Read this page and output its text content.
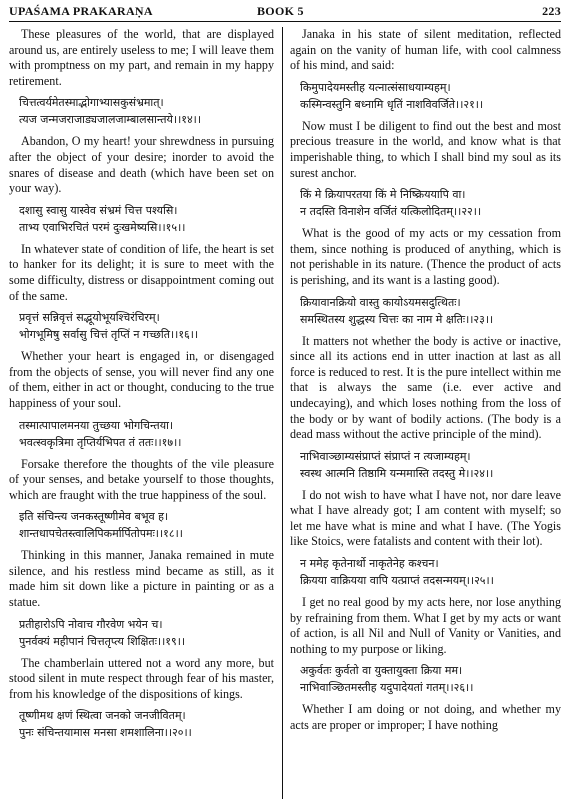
UPAŚAMA PRAKARAṆA	BOOK 5	223

These pleasures of the world, that are displayed around us, are entirely useless to me; I will leave them with promptness on my part, and remain in my happy retirement.

चित्तत्वर्यमेतस्माद्भोगाभ्यासकुसंभ्रमात्।
त्यज जन्मजराजाड्यजालजाम्बालसान्तये।।१४।।

Abandon, O my heart! your shrewdness in pursuing after the object of your desire; inorder to avoid the snares of disease and death (which have been set on your way).

दशासु स्वासु यास्वेव संभ्रमं चित्त पश्यसि।
ताभ्य एवाभिरचितं परमं दुःखमेष्यसि।।१५।।

In whatever state of condition of life, the heart is set to hanker for its delight; it is sure to meet with the some difficulty, distress or disappointment coming out of the same.

प्रवृत्तं सन्निवृत्तं सद्भूयोभूयश्चिरंचिरम्।
भोगभूमिषु सर्वासु चित्तं तृप्तिं न गच्छति।।१६।।

Whether your heart is engaged in, or disengaged from the objects of sense, you will never find any one of them, either in act or thought, conducing to the true happiness of your soul.

तस्मात्पापालमनया तुच्छया भोगचिन्तया।
भवत्स्वकृत्रिमा तृप्तिर्यभिपत तं ततः।।१७।।

Forsake therefore the thoughts of the vile pleasure of your senses, and betake yourself to those thoughts, which are fraught with the true happiness of the soul.

इति संचिन्त्य जनकस्तूष्णीमेव बभूव ह।
शान्तधापचेतस्त्वालिपिकर्मार्पितोपमः।।१८।।

Thinking in this manner, Janaka remained in mute silence, and his restless mind became as still, as it made him sit down like a picture in painting or as a statue.

प्रतीहारोऽपि नोवाच गौरवेण भयेन च।
पुनर्वक्यं महीपानं चित्ततृप्त्य शिक्षितः।।१९।।

The chamberlain uttered not a word any more, but stood silent in mute respect through fear of his master, from his knowledge of the dispositions of kings.

तूष्णीमथ क्षणं स्थित्वा जनको जनजीवितम्।
पुनः संचिन्तयामास मनसा शमशालिना।।२०।।

Janaka in his state of silent meditation, reflected again on the vanity of human life, with cool calmness of his mind, and said:

किमुपादेयमस्तीह यत्नात्संसाधयाम्यहम्।
कस्मिन्वस्तुनि बध्नामि धृतिं नाशविवर्जिते।।२१।।

Now must I be diligent to find out the best and most precious treasure in the world, and know what is that imperishable thing, to which I shall bind my soul as its surest anchor.

किं मे क्रियापरतया किं मे निष्क्रिययापि वा।
न तदस्ति विनाशेन वर्जितं यत्किलोदितम्।।२२।।

What is the good of my acts or my cessation from them, since nothing is produced of anything, which is not perishable in its nature. (Thence the product of acts is perishing, and its want is a lasting good).

क्रियावानक्रियो वास्तु कायोऽयमसदुत्थितः।
समस्थितस्य शुद्धस्य चित्तः का नाम मे क्षतिः।।२३।।

It matters not whether the body is active or inactive, since all its actions end in utter inaction at last as all force is reduced to rest. It is the pure intellect within me that is always the same (i.e. ever active and undecaying), and which loses nothing from the loss of the body or by want of bodily actions. (The body is a dead mass without the active principle of the mind).

नाभिवाञ्छाम्यसंप्राप्तं संप्राप्तं न त्यजाम्यहम्।
स्वस्थ आत्मनि तिष्ठामि यन्ममास्ति तदस्तु मे।।२४।।

I do not wish to have what I have not, nor dare leave what I have already got; I am content with myself; so let me have what is mine and what I have. (The Yogis like Stoics, were fatalists and content with their lot).

न ममेह कृतेनार्थो नाकृतेनेह कश्चन।
क्रियया वाक्रियया वापि यत्प्राप्तं तदसन्मयम्।।२५।।

I get no real good by my acts here, nor lose anything by refraining from them. What I get by my acts or want of action, is all Nil and Null of Vanity or Vanities, and nothing to my purpose or liking.

अकुर्वतः कुर्वतो वा युक्तायुक्ता क्रिया मम।
नाभिवाञ्छितमस्तीह यदुपादेयतां गतम्।।२६।।

Whether I am doing or not doing, and whether my acts are proper or improper; I have nothing
